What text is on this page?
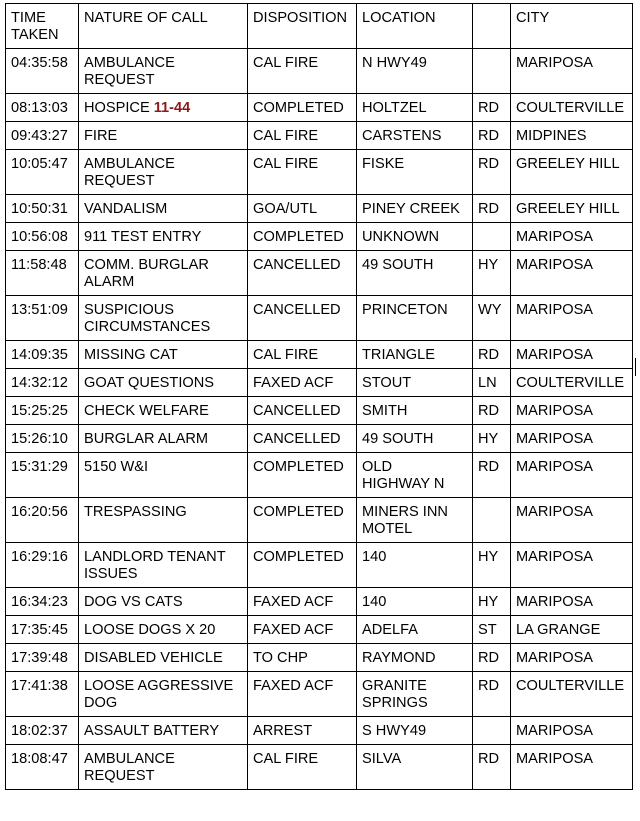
TIME
TAKEN	NATURE OF CALL	DISPOSITION	LOCATION		CITY
04:35:58	AMBULANCE
REQUEST	CAL FIRE	N HWY49		MARIPOSA
08:13:03	HOSPICE 11-44	COMPLETED	HOLTZEL	RD	COULTERVILLE
09:43:27	FIRE	CAL FIRE	CARSTENS	RD	MIDPINES
10:05:47	AMBULANCE
REQUEST	CAL FIRE	FISKE	RD	GREELEY HILL
10:50:31	VANDALISM	GOA/UTL	PINEY CREEK	RD	GREELEY HILL
10:56:08	911 TEST ENTRY	COMPLETED	UNKNOWN		MARIPOSA
11:58:48	COMM. BURGLAR
ALARM	CANCELLED	49 SOUTH	HY	MARIPOSA
13:51:09	SUSPICIOUS
CIRCUMSTANCES	CANCELLED	PRINCETON	WY	MARIPOSA
14:09:35	MISSING CAT	CAL FIRE	TRIANGLE	RD	MARIPOSA
14:32:12	GOAT QUESTIONS	FAXED ACF	STOUT	LN	COULTERVILLE
15:25:25	CHECK WELFARE	CANCELLED	SMITH	RD	MARIPOSA
15:26:10	BURGLAR ALARM	CANCELLED	49 SOUTH	HY	MARIPOSA
15:31:29	5150 W&I	COMPLETED	OLD
HIGHWAY N	RD	MARIPOSA
16:20:56	TRESPASSING	COMPLETED	MINERS INN
MOTEL		MARIPOSA
16:29:16	LANDLORD TENANT
ISSUES	COMPLETED	140	HY	MARIPOSA
16:34:23	DOG VS CATS	FAXED ACF	140	HY	MARIPOSA
17:35:45	LOOSE DOGS X 20	FAXED ACF	ADELFA	ST	LA GRANGE
17:39:48	DISABLED VEHICLE	TO CHP	RAYMOND	RD	MARIPOSA
17:41:38	LOOSE AGGRESSIVE
DOG	FAXED ACF	GRANITE
SPRINGS	RD	COULTERVILLE
18:02:37	ASSAULT BATTERY	ARREST	S HWY49		MARIPOSA
18:08:47	AMBULANCE
REQUEST	CAL FIRE	SILVA	RD	MARIPOSA
